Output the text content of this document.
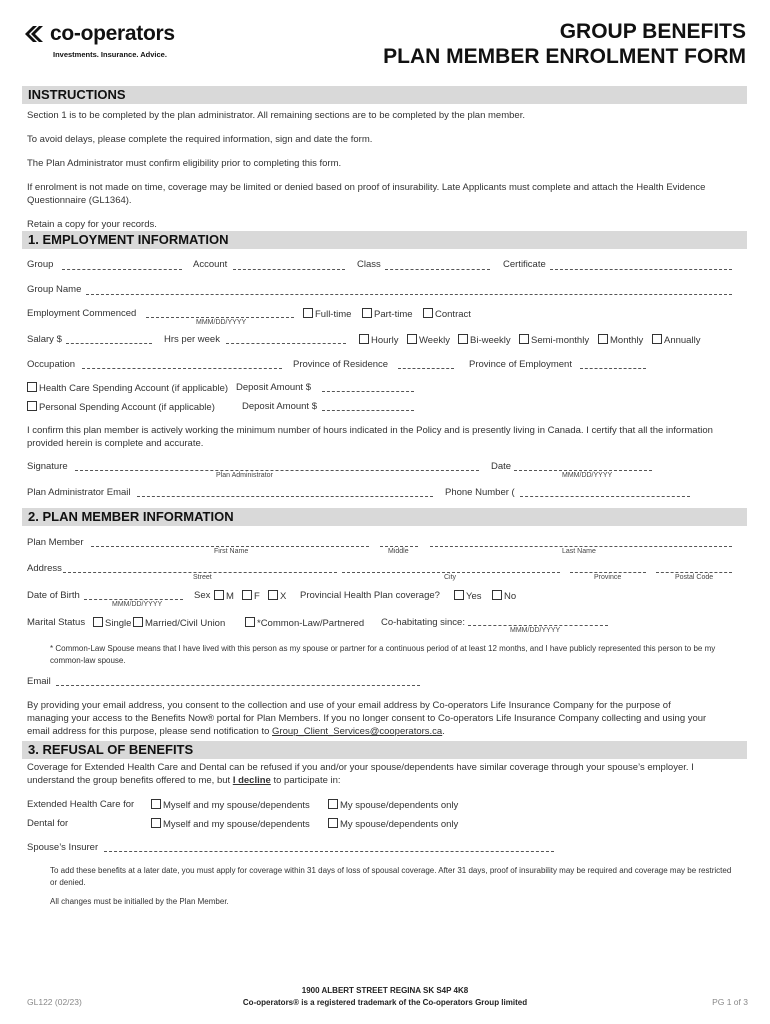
co-operators
Investments. Insurance. Advice.
GROUP BENEFITS
PLAN MEMBER ENROLMENT FORM
INSTRUCTIONS
Section 1 is to be completed by the plan administrator. All remaining sections are to be completed by the plan member.
To avoid delays, please complete the required information, sign and date the form.
The Plan Administrator must confirm eligibility prior to completing this form.
If enrolment is not made on time, coverage may be limited or denied based on proof of insurability. Late Applicants must complete and attach the Health Evidence Questionnaire (GL1364).
Retain a copy for your records.
1. EMPLOYMENT INFORMATION
Group	Account	Class	Certificate
Group Name
Employment Commenced
MMM/DD/YYYY
Full-time	Part-time	Contract
Salary $	Hrs per week	Hourly	Weekly	Bi-weekly	Semi-monthly	Monthly	Annually
Occupation	Province of Residence	Province of Employment
Health Care Spending Account (if applicable) Deposit Amount $
Personal Spending Account (if applicable)	Deposit Amount $
I confirm this plan member is actively working the minimum number of hours indicated in the Policy and is presently living in Canada. I certify that all the information provided herein is complete and accurate.
Signature
Plan Administrator
Date
MMM/DD/YYYY
Plan Administrator Email	Phone Number (
2. PLAN MEMBER INFORMATION
Plan Member
First Name	Middle	Last Name
Address
Street	City	Province	Postal Code
Date of Birth
MMM/DD/YYYY
Sex	M	F	X Provincial Health Plan coverage?	Yes	No
Marital Status	Single	Married/Civil Union	*Common-Law/Partnered Co-habitating since:
MMM/DD/YYYY
* Common-Law Spouse means that I have lived with this person as my spouse or partner for a continuous period of at least 12 months, and I have publicly represented this person to be my common-law spouse.
Email
By providing your email address, you consent to the collection and use of your email address by Co-operators Life Insurance Company for the purpose of
managing your access to the Benefits Now® portal for Plan Members. If you no longer consent to Co-operators Life Insurance Company collecting and using your
email address for this purpose, please send notification to Group_Client_Services@cooperators.ca.
3. REFUSAL OF BENEFITS
Coverage for Extended Health Care and Dental can be refused if you and/or your spouse/dependents have similar coverage through your spouse’s employer. I
understand the group benefits offered to me, but I decline to participate in:
Extended Health Care for	Myself and my spouse/dependents	My spouse/dependents only
Dental for	Myself and my spouse/dependents	My spouse/dependents only
Spouse’s Insurer
To add these benefits at a later date, you must apply for coverage within 31 days of loss of spousal coverage. After 31 days, proof of insurability may be required and coverage may be restricted or denied.
All changes must be initialled by the Plan Member.
1900 ALBERT STREET REGINA SK S4P 4K8
Co-operators® is a registered trademark of the Co-operators Group limited
GL122 (02/23)	PG 1 of 3
